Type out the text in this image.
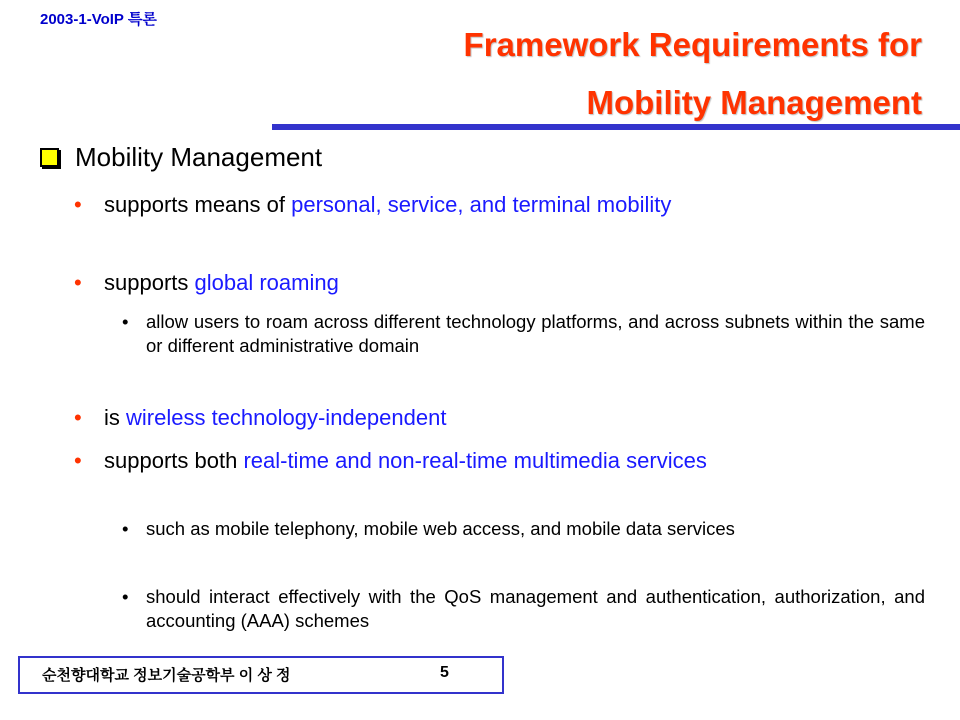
2003-1-VoIP 특론
Framework Requirements for
Mobility Management
Mobility Management
• supports means of personal, service, and terminal mobility
• supports global roaming
• allow users to roam across different technology platforms, and across subnets within the same or different administrative domain
• is wireless technology-independent
• supports both real-time and non-real-time multimedia services
• such as mobile telephony, mobile web access, and mobile data services
• should interact effectively with the QoS management and authentication, authorization, and accounting (AAA) schemes
순천향대학교 정보기술공학부 이 상 정	5
